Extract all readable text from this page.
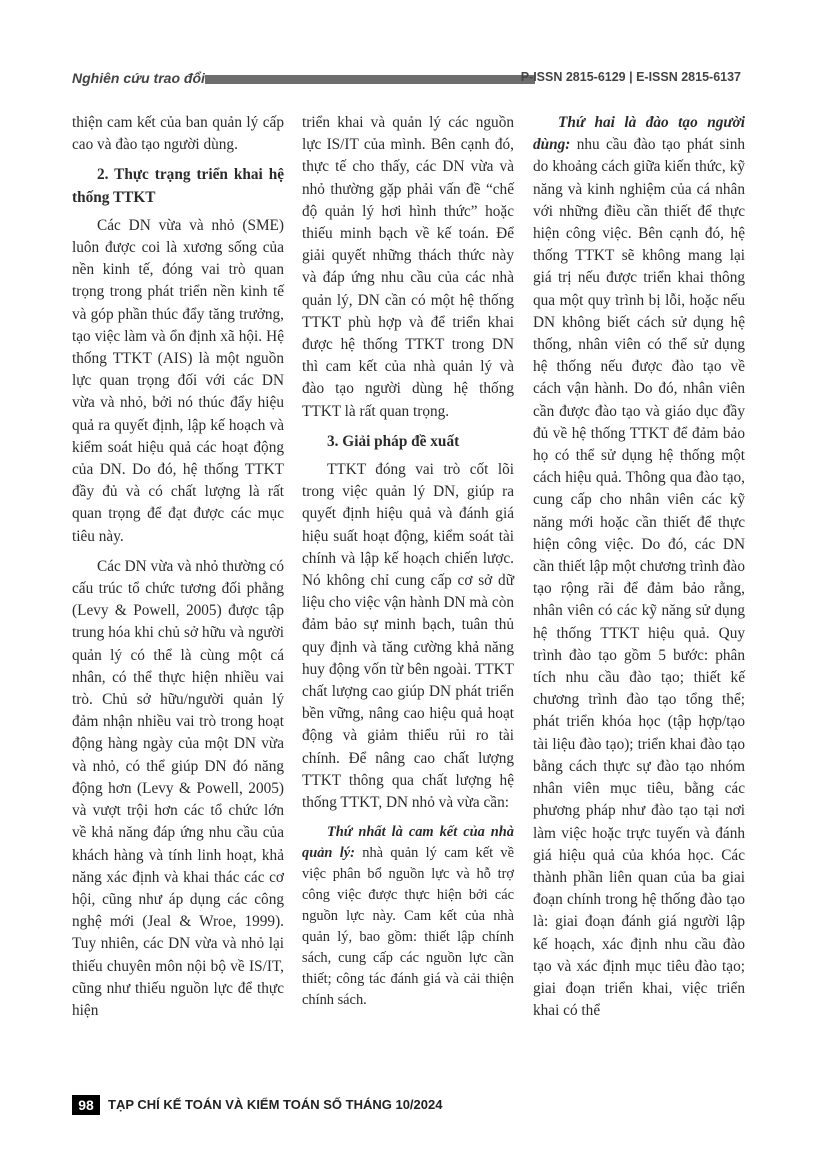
Nghiên cứu trao đổi	P-ISSN 2815-6129 | E-ISSN 2815-6137

thiện cam kết của ban quản lý cấp cao và đào tạo người dùng.

2. Thực trạng triển khai hệ thống TTKT

Các DN vừa và nhỏ (SME) luôn được coi là xương sống của nền kinh tế, đóng vai trò quan trọng trong phát triển nền kinh tế và góp phần thúc đẩy tăng trưởng, tạo việc làm và ổn định xã hội. Hệ thống TTKT (AIS) là một nguồn lực quan trọng đối với các DN vừa và nhỏ, bởi nó thúc đẩy hiệu quả ra quyết định, lập kế hoạch và kiểm soát hiệu quả các hoạt động của DN. Do đó, hệ thống TTKT đầy đủ và có chất lượng là rất quan trọng để đạt được các mục tiêu này.

Các DN vừa và nhỏ thường có cấu trúc tổ chức tương đối phẳng (Levy & Powell, 2005) được tập trung hóa khi chủ sở hữu và người quản lý có thể là cùng một cá nhân, có thể thực hiện nhiều vai trò. Chủ sở hữu/người quản lý đảm nhận nhiều vai trò trong hoạt động hàng ngày của một DN vừa và nhỏ, có thể giúp DN đó năng động hơn (Levy & Powell, 2005) và vượt trội hơn các tổ chức lớn về khả năng đáp ứng nhu cầu của khách hàng và tính linh hoạt, khả năng xác định và khai thác các cơ hội, cũng như áp dụng các công nghệ mới (Jeal & Wroe, 1999). Tuy nhiên, các DN vừa và nhỏ lại thiếu chuyên môn nội bộ về IS/IT, cũng như thiếu nguồn lực để thực hiện

triển khai và quản lý các nguồn lực IS/IT của mình. Bên cạnh đó, thực tế cho thấy, các DN vừa và nhỏ thường gặp phải vấn đề “chế độ quản lý hơi hình thức” hoặc thiếu minh bạch về kế toán. Để giải quyết những thách thức này và đáp ứng nhu cầu của các nhà quản lý, DN cần có một hệ thống TTKT phù hợp và để triển khai được hệ thống TTKT trong DN thì cam kết của nhà quản lý và đào tạo người dùng hệ thống TTKT là rất quan trọng.

3. Giải pháp đề xuất

TTKT đóng vai trò cốt lõi trong việc quản lý DN, giúp ra quyết định hiệu quả và đánh giá hiệu suất hoạt động, kiểm soát tài chính và lập kế hoạch chiến lược. Nó không chỉ cung cấp cơ sở dữ liệu cho việc vận hành DN mà còn đảm bảo sự minh bạch, tuân thủ quy định và tăng cường khả năng huy động vốn từ bên ngoài. TTKT chất lượng cao giúp DN phát triển bền vững, nâng cao hiệu quả hoạt động và giảm thiểu rủi ro tài chính. Để nâng cao chất lượng TTKT thông qua chất lượng hệ thống TTKT, DN nhỏ và vừa cần:

Thứ nhất là cam kết của nhà quản lý: nhà quản lý cam kết về việc phân bổ nguồn lực và hỗ trợ công việc được thực hiện bởi các nguồn lực này. Cam kết của nhà quản lý, bao gồm: thiết lập chính sách, cung cấp các nguồn lực cần thiết; công tác đánh giá và cải thiện chính sách.

Thứ hai là đào tạo người dùng: nhu cầu đào tạo phát sinh do khoảng cách giữa kiến thức, kỹ năng và kinh nghiệm của cá nhân với những điều cần thiết để thực hiện công việc. Bên cạnh đó, hệ thống TTKT sẽ không mang lại giá trị nếu được triển khai thông qua một quy trình bị lỗi, hoặc nếu DN không biết cách sử dụng hệ thống, nhân viên có thể sử dụng hệ thống nếu được đào tạo về cách vận hành. Do đó, nhân viên cần được đào tạo và giáo dục đầy đủ về hệ thống TTKT để đảm bảo họ có thể sử dụng hệ thống một cách hiệu quả. Thông qua đào tạo, cung cấp cho nhân viên các kỹ năng mới hoặc cần thiết để thực hiện công việc. Do đó, các DN cần thiết lập một chương trình đào tạo rộng rãi để đảm bảo rằng, nhân viên có các kỹ năng sử dụng hệ thống TTKT hiệu quả. Quy trình đào tạo gồm 5 bước: phân tích nhu cầu đào tạo; thiết kế chương trình đào tạo tổng thể; phát triển khóa học (tập hợp/tạo tài liệu đào tạo); triển khai đào tạo bằng cách thực sự đào tạo nhóm nhân viên mục tiêu, bằng các phương pháp như đào tạo tại nơi làm việc hoặc trực tuyến và đánh giá hiệu quả của khóa học. Các thành phần liên quan của ba giai đoạn chính trong hệ thống đào tạo là: giai đoạn đánh giá người lập kế hoạch, xác định nhu cầu đào tạo và xác định mục tiêu đào tạo; giai đoạn triển khai, việc triển khai có thể

98	TẠP CHÍ KẾ TOÁN VÀ KIỂM TOÁN SỐ THÁNG 10/2024
